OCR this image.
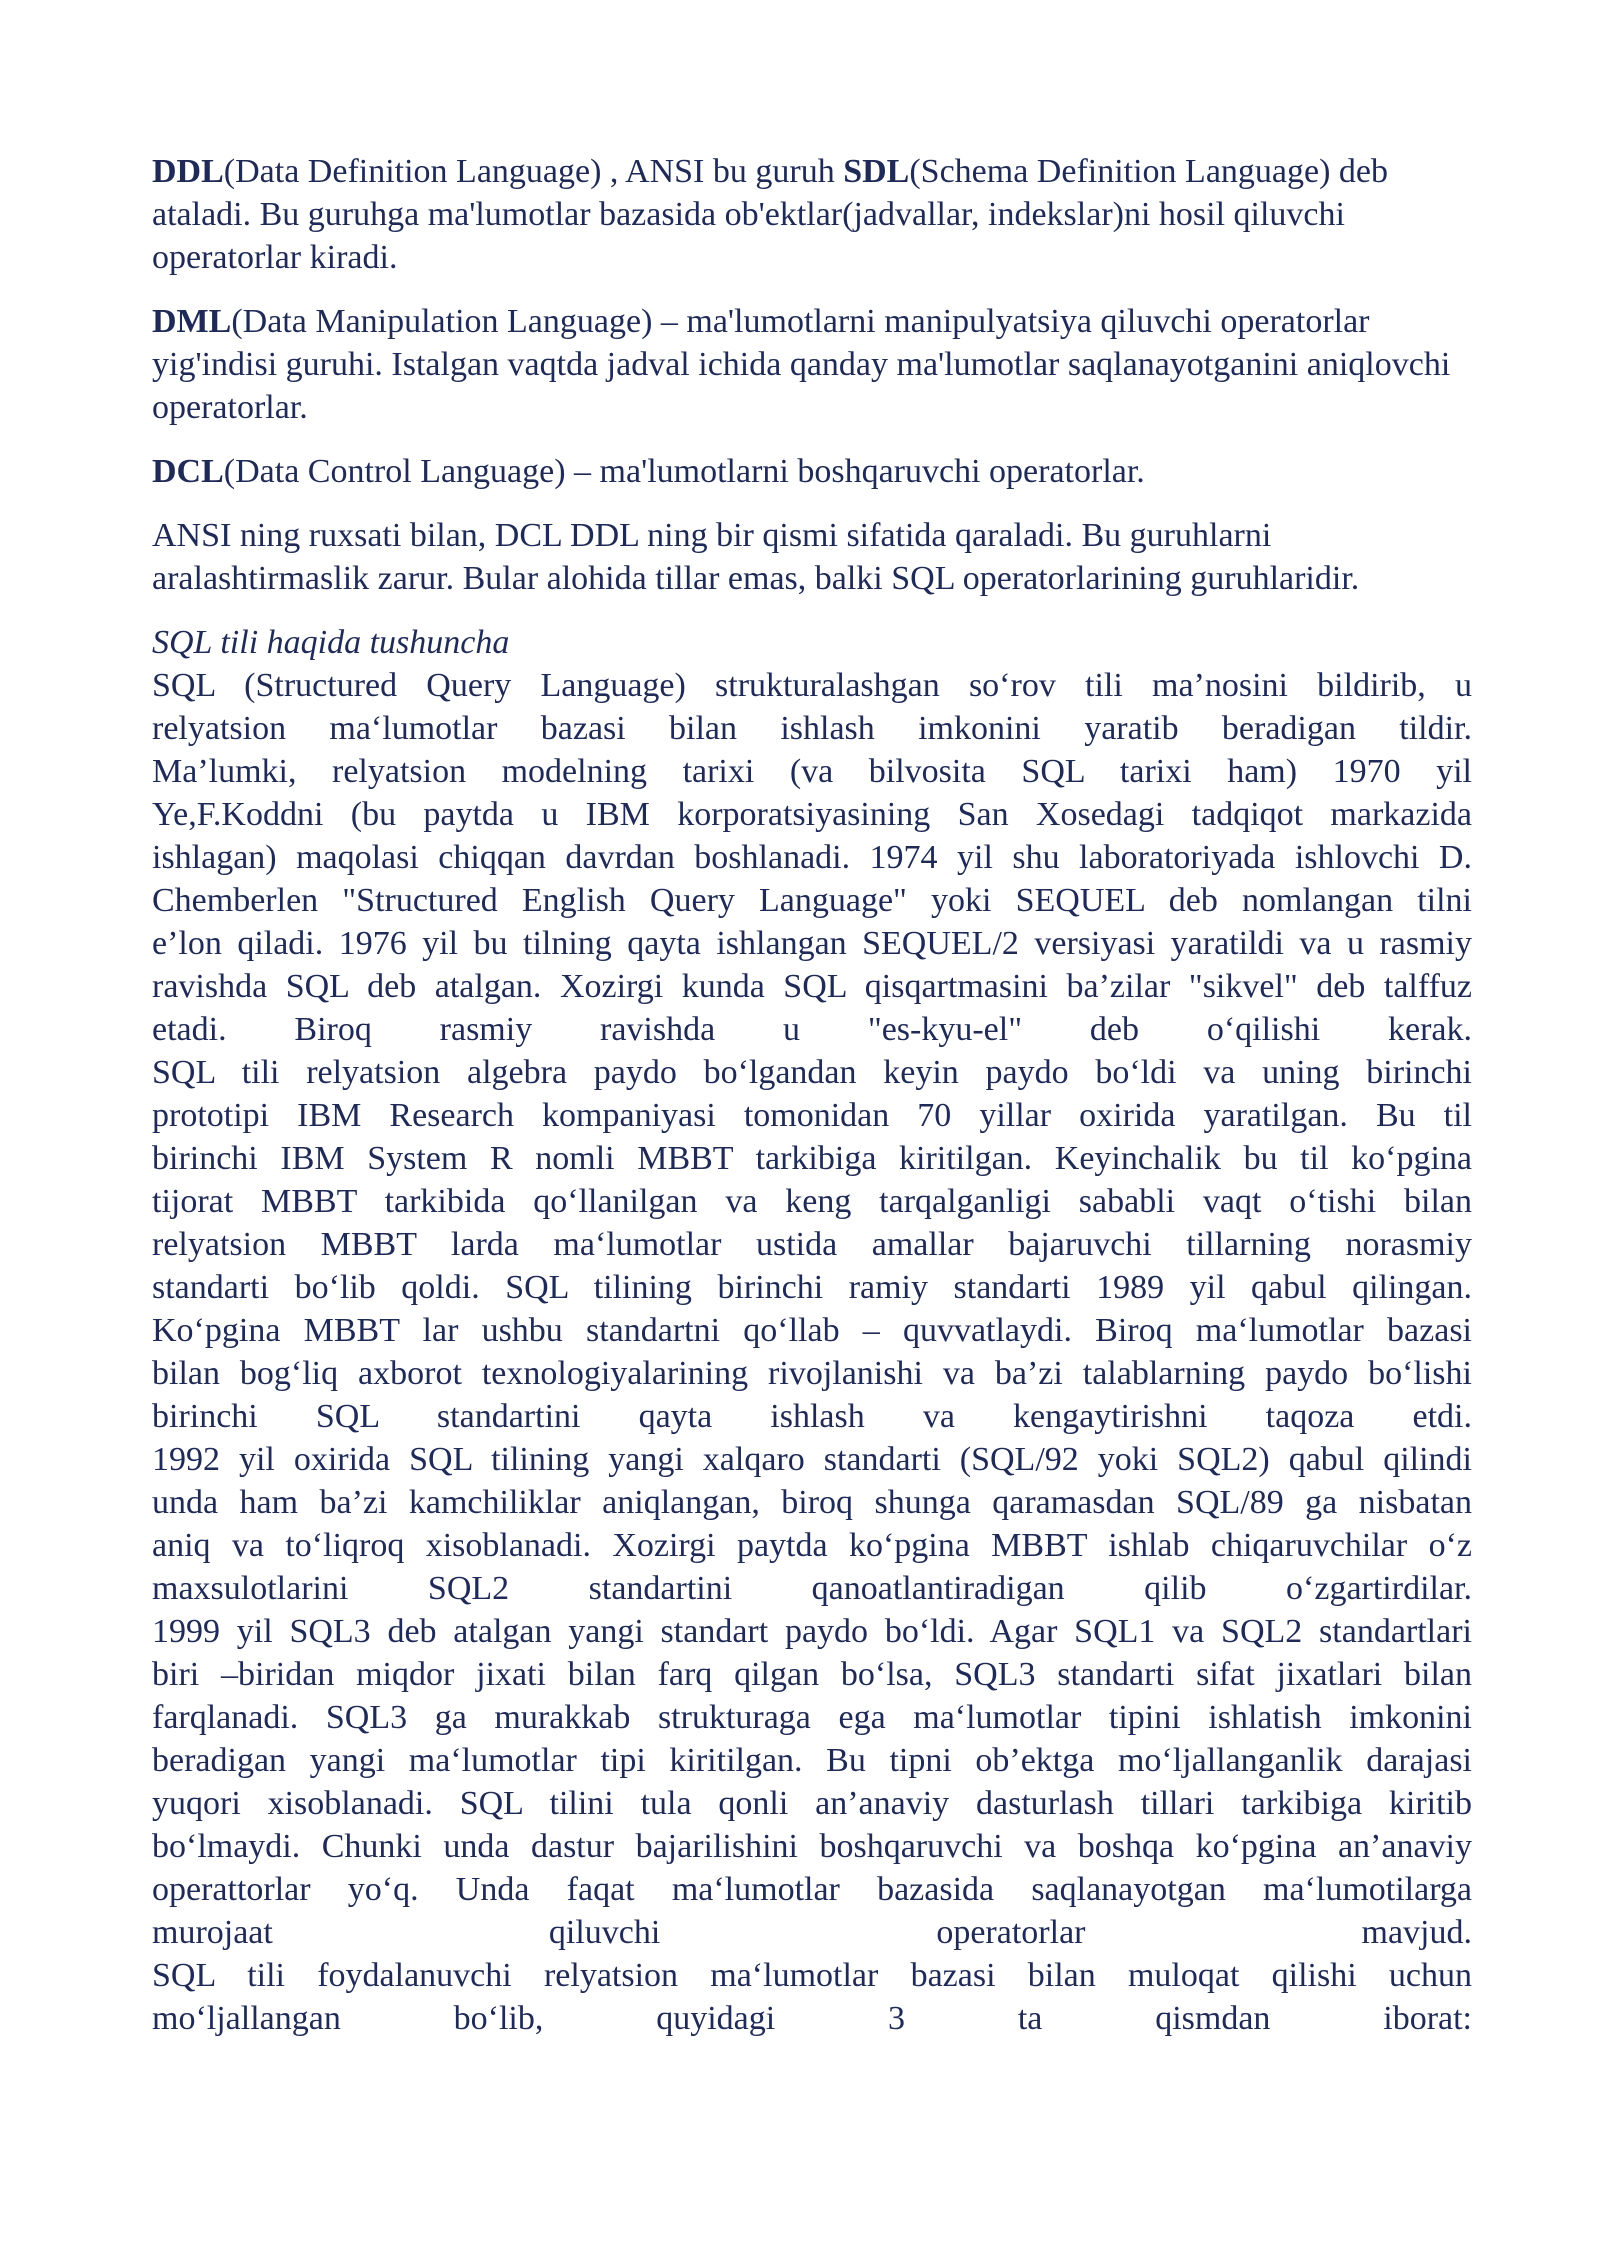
DDL(Data Definition Language) , ANSI bu guruh SDL(Schema Definition Language) deb ataladi. Bu guruhga ma'lumotlar bazasida ob'ektlar(jadvallar, indekslar)ni hosil qiluvchi operatorlar kiradi.

DML(Data Manipulation Language) – ma'lumotlarni manipulyatsiya qiluvchi operatorlar yig'indisi guruhi. Istalgan vaqtda jadval ichida qanday ma'lumotlar saqlanayotganini aniqlovchi operatorlar.

DCL(Data Control Language) – ma'lumotlarni boshqaruvchi operatorlar.

ANSI ning ruxsati bilan, DCL DDL ning bir qismi sifatida qaraladi. Bu guruhlarni aralashtirmaslik zarur. Bular alohida tillar emas, balki SQL operatorlarining guruhlaridir.

SQL tili haqida tushuncha

SQL (Structured Query Language) strukturalashgan so‘rov tili ma’nosini bildirib, u
relyatsion ma‘lumotlar bazasi bilan ishlash imkonini yaratib beradigan tildir.
Ma’lumki, relyatsion modelning tarixi (va bilvosita SQL tarixi ham) 1970 yil
Ye,F.Koddni (bu paytda u IBM korporatsiyasining San Xosedagi tadqiqot markazida
ishlagan) maqolasi chiqqan davrdan boshlanadi. 1974 yil shu laboratoriyada ishlovchi D.
Chemberlen "Structured English Query Language" yoki SEQUEL deb nomlangan tilni
e’lon qiladi. 1976 yil bu tilning qayta ishlangan SEQUEL/2 versiyasi yaratildi va u rasmiy
ravishda SQL deb atalgan. Xozirgi kunda SQL qisqartmasini ba’zilar "sikvel" deb talffuz
etadi. Biroq rasmiy ravishda u "es-kyu-el" deb o‘qilishi kerak.
SQL tili relyatsion algebra paydo bo‘lgandan keyin paydo bo‘ldi va uning birinchi
prototipi IBM Research kompaniyasi tomonidan 70 yillar oxirida yaratilgan. Bu til
birinchi IBM System R nomli MBBT tarkibiga kiritilgan. Keyinchalik bu til ko‘pgina
tijorat MBBT tarkibida qo‘llanilgan va keng tarqalganligi sababli vaqt o‘tishi bilan
relyatsion MBBT larda ma‘lumotlar ustida amallar bajaruvchi tillarning norasmiy
standarti bo‘lib qoldi. SQL tilining birinchi ramiy standarti 1989 yil qabul qilingan.
Ko‘pgina MBBT lar ushbu standartni qo‘llab – quvvatlaydi. Biroq ma‘lumotlar bazasi
bilan bog‘liq axborot texnologiyalarining rivojlanishi va ba’zi talablarning paydo bo‘lishi
birinchi SQL standartini qayta ishlash va kengaytirishni taqoza etdi.
1992 yil oxirida SQL tilining yangi xalqaro standarti (SQL/92 yoki SQL2) qabul qilindi
unda ham ba’zi kamchiliklar aniqlangan, biroq shunga qaramasdan SQL/89 ga nisbatan
aniq va to‘liqroq xisoblanadi. Xozirgi paytda ko‘pgina MBBT ishlab chiqaruvchilar o‘z
maxsulotlarini SQL2 standartini qanoatlantiradigan qilib o‘zgartirdilar.
1999 yil SQL3 deb atalgan yangi standart paydo bo‘ldi. Agar SQL1 va SQL2 standartlari
biri –biridan miqdor jixati bilan farq qilgan bo‘lsa, SQL3 standarti sifat jixatlari bilan
farqlanadi. SQL3 ga murakkab strukturaga ega ma‘lumotlar tipini ishlatish imkonini
beradigan yangi ma‘lumotlar tipi kiritilgan. Bu tipni ob’ektga mo‘ljallanganlik darajasi
yuqori xisoblanadi. SQL tilini tula qonli an’anaviy dasturlash tillari tarkibiga kiritib
bo‘lmaydi. Chunki unda dastur bajarilishini boshqaruvchi va boshqa ko‘pgina an’anaviy
operattorlar yo‘q. Unda faqat ma‘lumotlar bazasida saqlanayotgan ma‘lumotilarga
murojaat qiluvchi operatorlar mavjud.
SQL tili foydalanuvchi relyatsion ma‘lumotlar bazasi bilan muloqat qilishi uchun
mo‘ljallangan bo‘lib, quyidagi 3 ta qismdan iborat:
